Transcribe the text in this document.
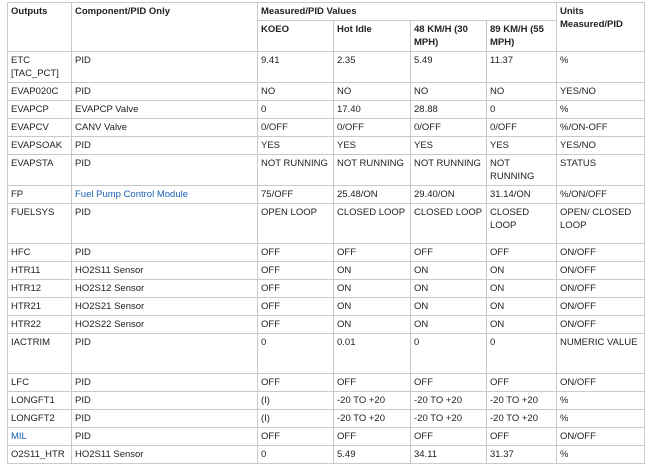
Outputs	Component/PID Only	Measured/PID Values				Units Measured/PID
		KOEO	Hot Idle	48 KM/H (30 MPH)	89 KM/H (55 MPH)	
ETC [TAC_PCT]	PID	9.41	2.35	5.49	11.37	%
EVAP020C	PID	NO	NO	NO	NO	YES/NO
EVAPCP	EVAPCP Valve	0	17.40	28.88	0	%
EVAPCV	CANV Valve	0/OFF	0/OFF	0/OFF	0/OFF	%/ON-OFF
EVAPSOAK	PID	YES	YES	YES	YES	YES/NO
EVAPSTA	PID	NOT RUNNING	NOT RUNNING	NOT RUNNING	NOT RUNNING	STATUS
FP	Fuel Pump Control Module	75/OFF	25.48/ON	29.40/ON	31.14/ON	%/ON/OFF
FUELSYS	PID	OPEN LOOP	CLOSED LOOP	CLOSED LOOP	CLOSED LOOP	OPEN/ CLOSED LOOP
HFC	PID	OFF	OFF	OFF	OFF	ON/OFF
HTR11	HO2S11 Sensor	OFF	ON	ON	ON	ON/OFF
HTR12	HO2S12 Sensor	OFF	ON	ON	ON	ON/OFF
HTR21	HO2S21 Sensor	OFF	ON	ON	ON	ON/OFF
HTR22	HO2S22 Sensor	OFF	ON	ON	ON	ON/OFF
IACTRIM	PID	0	0.01	0	0	NUMERIC VALUE
LFC	PID	OFF	OFF	OFF	OFF	ON/OFF
LONGFT1	PID	(I)	-20 TO +20	-20 TO +20	-20 TO +20	%
LONGFT2	PID	(I)	-20 TO +20	-20 TO +20	-20 TO +20	%
MIL	PID	OFF	OFF	OFF	OFF	ON/OFF
O2S11_HTR	HO2S11 Sensor	0	5.49	34.11	31.37	%
